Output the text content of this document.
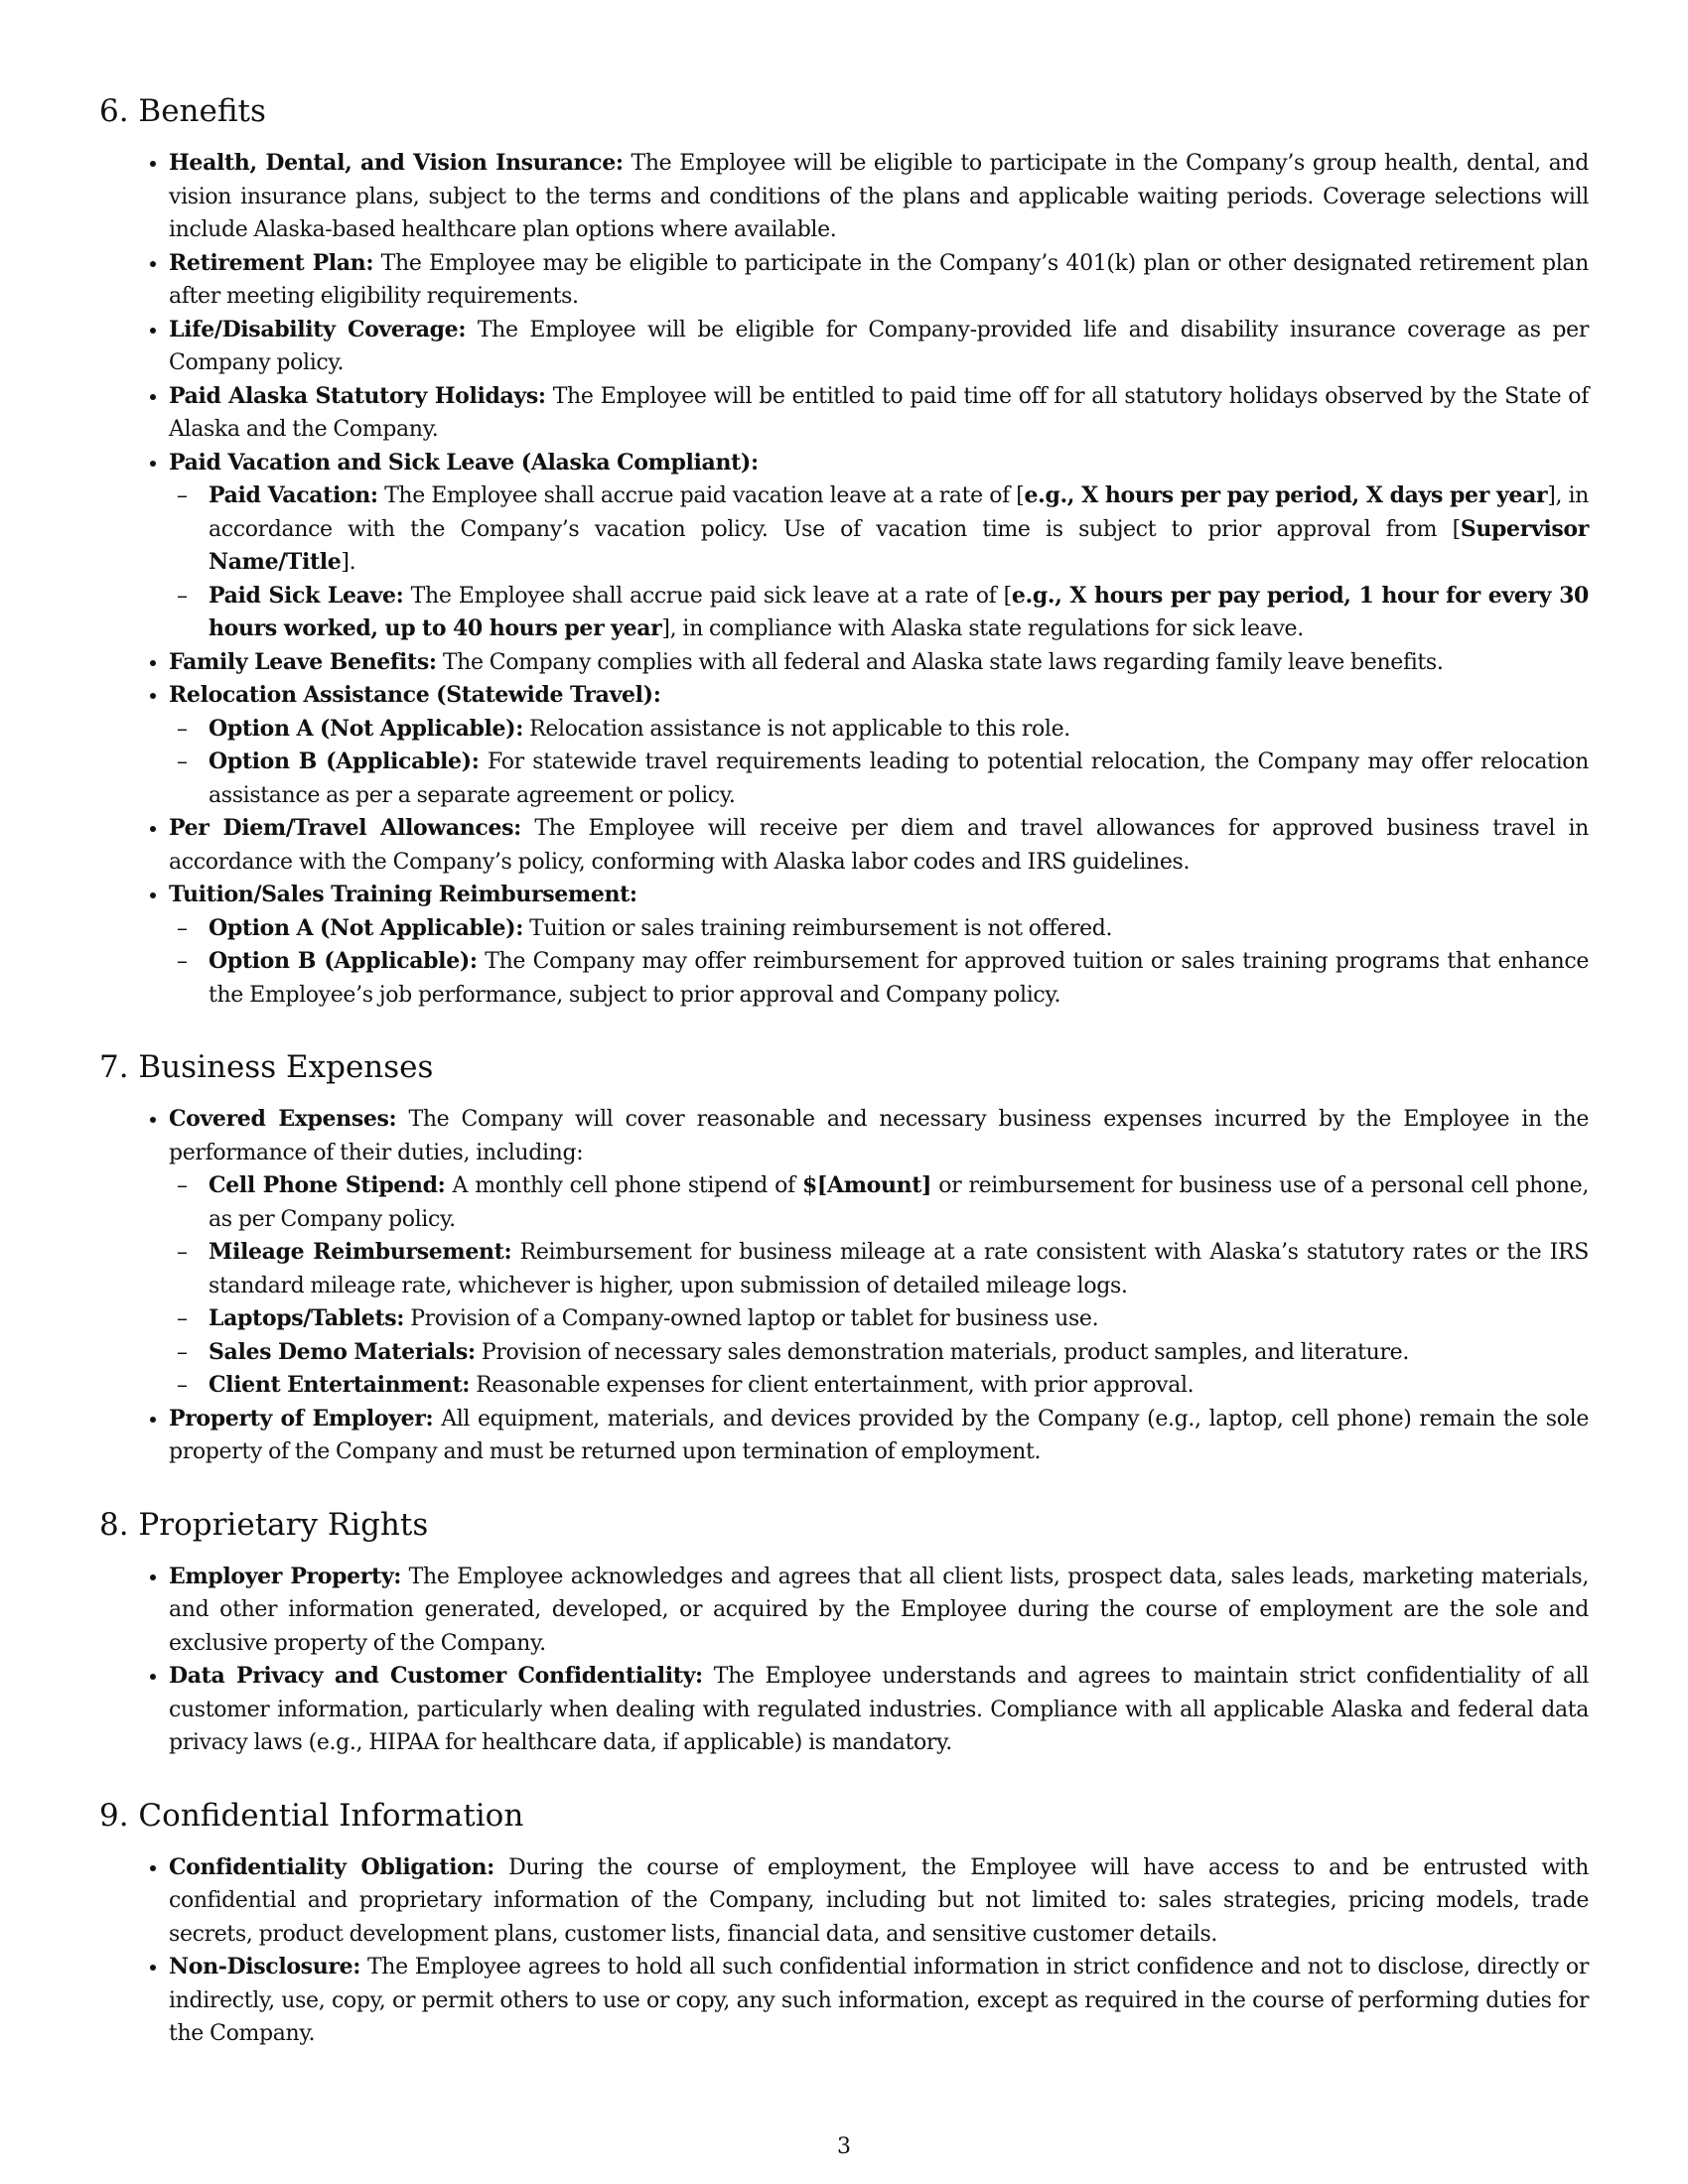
6. Benefits
• Health, Dental, and Vision Insurance: The Employee will be eligible to participate in the Company’s group health, dental, and vision insurance plans, subject to the terms and conditions of the plans and applicable waiting periods. Coverage selections will include Alaska-based healthcare plan options where available.
• Retirement Plan: The Employee may be eligible to participate in the Company’s 401(k) plan or other designated retirement plan after meeting eligibility requirements.
• Life/Disability Coverage: The Employee will be eligible for Company-provided life and disability insurance coverage as per Company policy.
• Paid Alaska Statutory Holidays: The Employee will be entitled to paid time off for all statutory holidays observed by the State of Alaska and the Company.
• Paid Vacation and Sick Leave (Alaska Compliant):
– Paid Vacation: The Employee shall accrue paid vacation leave at a rate of [e.g., X hours per pay period, X days per year], in accordance with the Company’s vacation policy. Use of vacation time is subject to prior approval from [Supervisor Name/Title].
– Paid Sick Leave: The Employee shall accrue paid sick leave at a rate of [e.g., X hours per pay period, 1 hour for every 30 hours worked, up to 40 hours per year], in compliance with Alaska state regulations for sick leave.
• Family Leave Benefits: The Company complies with all federal and Alaska state laws regarding family leave benefits.
• Relocation Assistance (Statewide Travel):
– Option A (Not Applicable): Relocation assistance is not applicable to this role.
– Option B (Applicable): For statewide travel requirements leading to potential relocation, the Company may offer relocation assistance as per a separate agreement or policy.
• Per Diem/Travel Allowances: The Employee will receive per diem and travel allowances for approved business travel in accordance with the Company’s policy, conforming with Alaska labor codes and IRS guidelines.
• Tuition/Sales Training Reimbursement:
– Option A (Not Applicable): Tuition or sales training reimbursement is not offered.
– Option B (Applicable): The Company may offer reimbursement for approved tuition or sales training programs that enhance the Employee’s job performance, subject to prior approval and Company policy.
7. Business Expenses
• Covered Expenses: The Company will cover reasonable and necessary business expenses incurred by the Employee in the performance of their duties, including:
– Cell Phone Stipend: A monthly cell phone stipend of $[Amount] or reimbursement for business use of a personal cell phone, as per Company policy.
– Mileage Reimbursement: Reimbursement for business mileage at a rate consistent with Alaska’s statutory rates or the IRS standard mileage rate, whichever is higher, upon submission of detailed mileage logs.
– Laptops/Tablets: Provision of a Company-owned laptop or tablet for business use.
– Sales Demo Materials: Provision of necessary sales demonstration materials, product samples, and literature.
– Client Entertainment: Reasonable expenses for client entertainment, with prior approval.
• Property of Employer: All equipment, materials, and devices provided by the Company (e.g., laptop, cell phone) remain the sole property of the Company and must be returned upon termination of employment.
8. Proprietary Rights
• Employer Property: The Employee acknowledges and agrees that all client lists, prospect data, sales leads, marketing materials, and other information generated, developed, or acquired by the Employee during the course of employment are the sole and exclusive property of the Company.
• Data Privacy and Customer Confidentiality: The Employee understands and agrees to maintain strict confidentiality of all customer information, particularly when dealing with regulated industries. Compliance with all applicable Alaska and federal data privacy laws (e.g., HIPAA for healthcare data, if applicable) is mandatory.
9. Confidential Information
• Confidentiality Obligation: During the course of employment, the Employee will have access to and be entrusted with confidential and proprietary information of the Company, including but not limited to: sales strategies, pricing models, trade secrets, product development plans, customer lists, financial data, and sensitive customer details.
• Non-Disclosure: The Employee agrees to hold all such confidential information in strict confidence and not to disclose, directly or indirectly, use, copy, or permit others to use or copy, any such information, except as required in the course of performing duties for the Company.
3
